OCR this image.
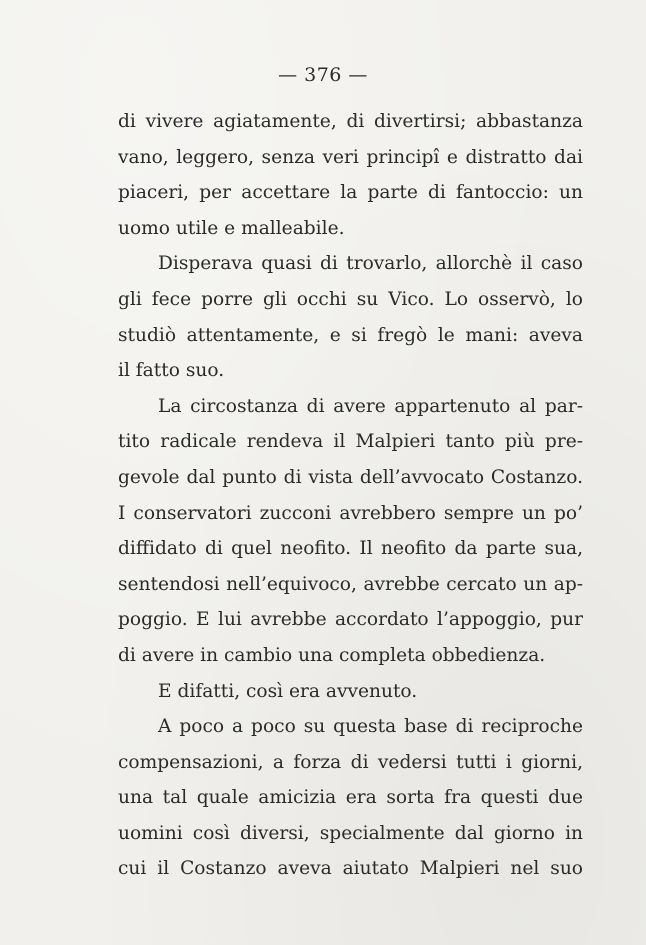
— 376 —
di vivere agiatamente, di divertirsi; abbastanza
vano, leggero, senza veri principî e distratto dai
piaceri, per accettare la parte di fantoccio: un
uomo utile e malleabile.
Disperava quasi di trovarlo, allorchè il caso
gli fece porre gli occhi su Vico. Lo osservò, lo
studiò attentamente, e si fregò le mani: aveva
il fatto suo.
La circostanza di avere appartenuto al par-
tito radicale rendeva il Malpieri tanto più pre-
gevole dal punto di vista dell’avvocato Costanzo.
I conservatori zucconi avrebbero sempre un po’
diffidato di quel neofito. Il neofito da parte sua,
sentendosi nell’equivoco, avrebbe cercato un ap-
poggio. E lui avrebbe accordato l’appoggio, pur
di avere in cambio una completa obbedienza.
E difatti, così era avvenuto.
A poco a poco su questa base di reciproche
compensazioni, a forza di vedersi tutti i giorni,
una tal quale amicizia era sorta fra questi due
uomini così diversi, specialmente dal giorno in
cui il Costanzo aveva aiutato Malpieri nel suo
